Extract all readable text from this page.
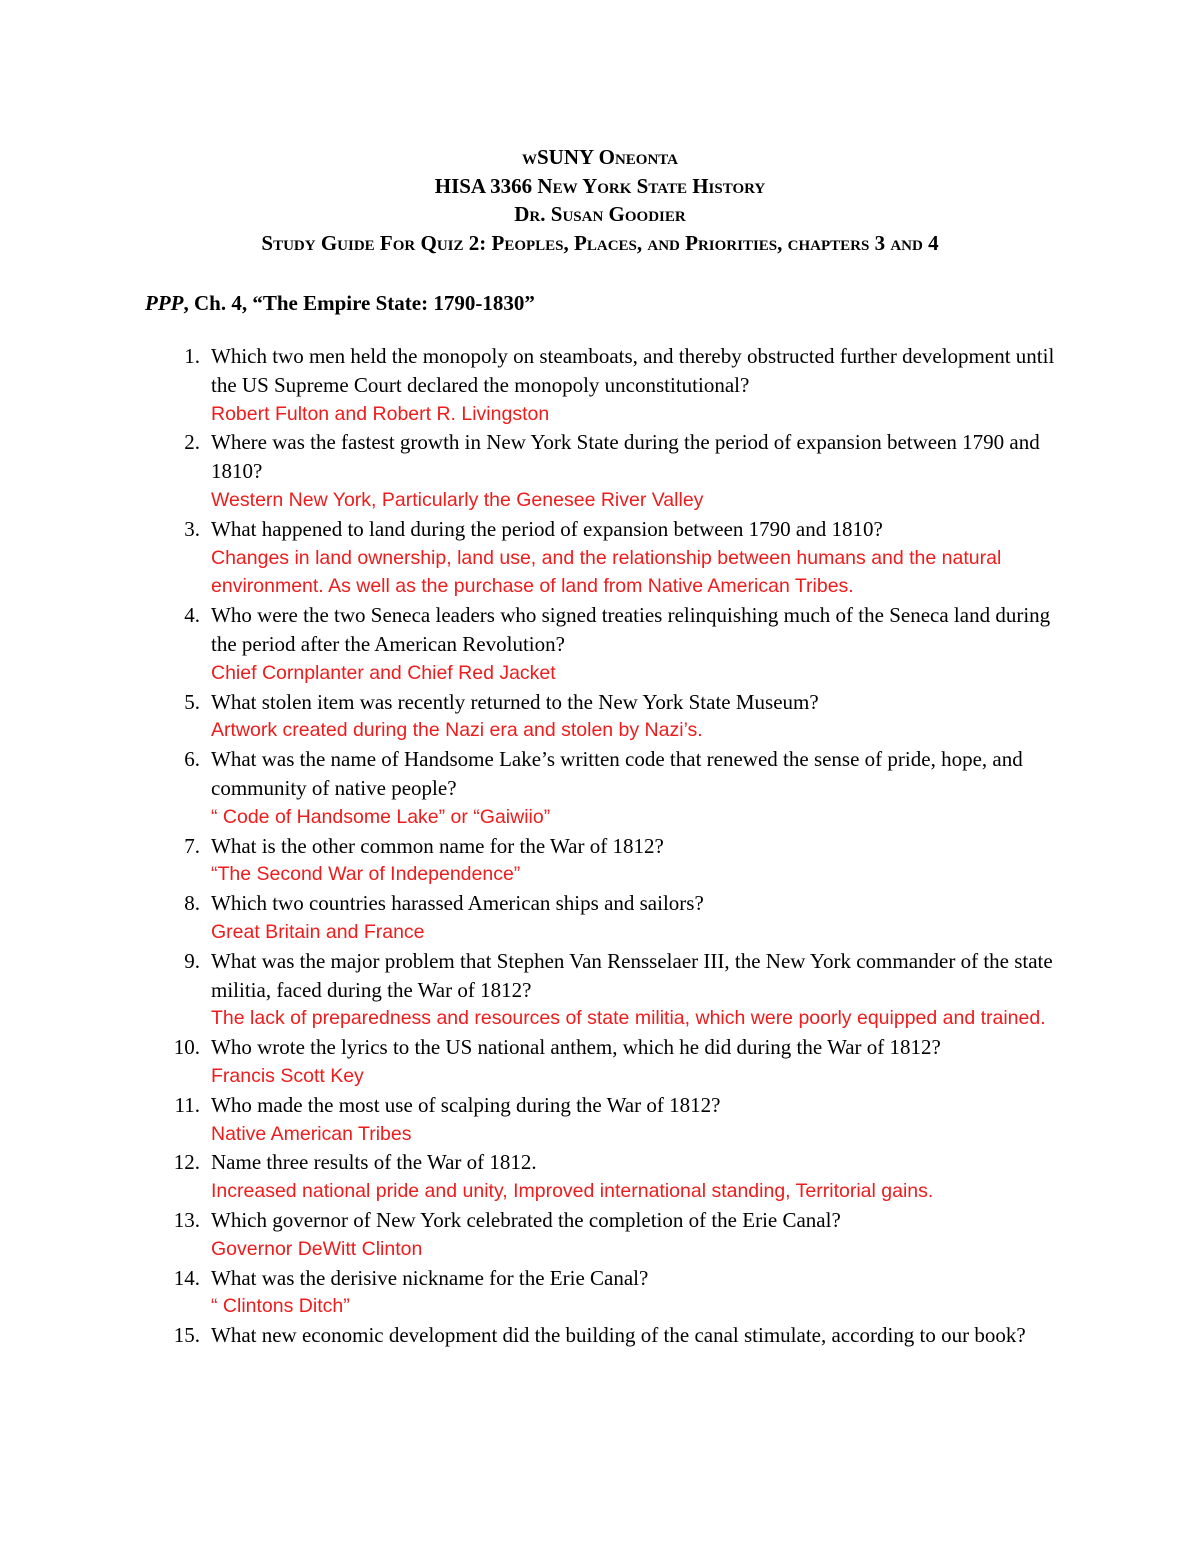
wSUNY Oneonta
HISA 3366 New York State History
Dr. Susan Goodier
Study Guide For Quiz 2: Peoples, Places, and Priorities, chapters 3 and 4
PPP, Ch. 4, “The Empire State: 1790-1830”
1. Which two men held the monopoly on steamboats, and thereby obstructed further development until the US Supreme Court declared the monopoly unconstitutional?
Robert Fulton and Robert R. Livingston
2. Where was the fastest growth in New York State during the period of expansion between 1790 and 1810?
Western New York, Particularly the Genesee River Valley
3. What happened to land during the period of expansion between 1790 and 1810?
Changes in land ownership, land use, and the relationship between humans and the natural environment. As well as the purchase of land from Native American Tribes.
4. Who were the two Seneca leaders who signed treaties relinquishing much of the Seneca land during the period after the American Revolution?
Chief Cornplanter and Chief Red Jacket
5. What stolen item was recently returned to the New York State Museum?
Artwork created during the Nazi era and stolen by Nazi’s.
6. What was the name of Handsome Lake’s written code that renewed the sense of pride, hope, and community of native people?
“ Code of Handsome Lake” or “Gaiwiio”
7. What is the other common name for the War of 1812?
“The Second War of Independence”
8. Which two countries harassed American ships and sailors?
Great Britain and France
9. What was the major problem that Stephen Van Rensselaer III, the New York commander of the state militia, faced during the War of 1812?
The lack of preparedness and resources of state militia, which were poorly equipped and trained.
10. Who wrote the lyrics to the US national anthem, which he did during the War of 1812?
Francis Scott Key
11. Who made the most use of scalping during the War of 1812?
Native American Tribes
12. Name three results of the War of 1812.
Increased national pride and unity, Improved international standing, Territorial gains.
13. Which governor of New York celebrated the completion of the Erie Canal?
Governor DeWitt Clinton
14. What was the derisive nickname for the Erie Canal?
“ Clintons Ditch”
15. What new economic development did the building of the canal stimulate, according to our book?
